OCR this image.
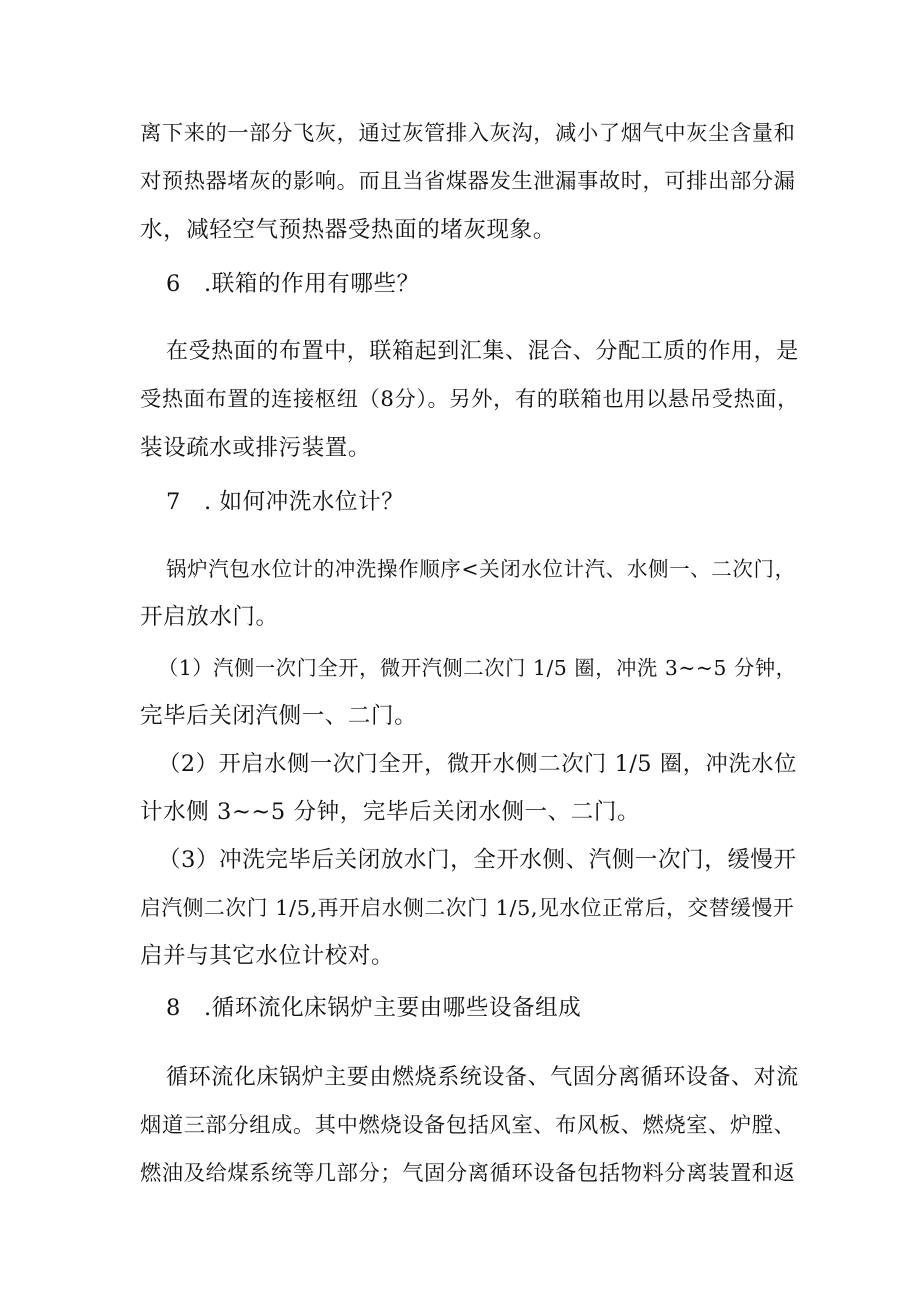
离下来的一部分飞灰，通过灰管排入灰沟，减小了烟气中灰尘含量和
对预热器堵灰的影响。而且当省煤器发生泄漏事故时，可排出部分漏
水，减轻空气预热器受热面的堵灰现象。
6　.联箱的作用有哪些？
在受热面的布置中，联箱起到汇集、混合、分配工质的作用，是
受热面布置的连接枢纽（8分）。另外，有的联箱也用以悬吊受热面，
装设疏水或排污装置。
7　. 如何冲洗水位计？
锅炉汽包水位计的冲洗操作顺序<关闭水位计汽、水侧一、二次门，
开启放水门。
（1）汽侧一次门全开，微开汽侧二次门 1/5 圈，冲洗 3~~5 分钟，
完毕后关闭汽侧一、二门。
（2）开启水侧一次门全开，微开水侧二次门 1/5 圈，冲洗水位
计水侧 3~~5 分钟，完毕后关闭水侧一、二门。
（3）冲洗完毕后关闭放水门，全开水侧、汽侧一次门，缓慢开
启汽侧二次门 1/5,再开启水侧二次门 1/5,见水位正常后，交替缓慢开
启并与其它水位计校对。
8　.循环流化床锅炉主要由哪些设备组成
循环流化床锅炉主要由燃烧系统设备、气固分离循环设备、对流
烟道三部分组成。其中燃烧设备包括风室、布风板、燃烧室、炉膛、
燃油及给煤系统等几部分；气固分离循环设备包括物料分离装置和返
